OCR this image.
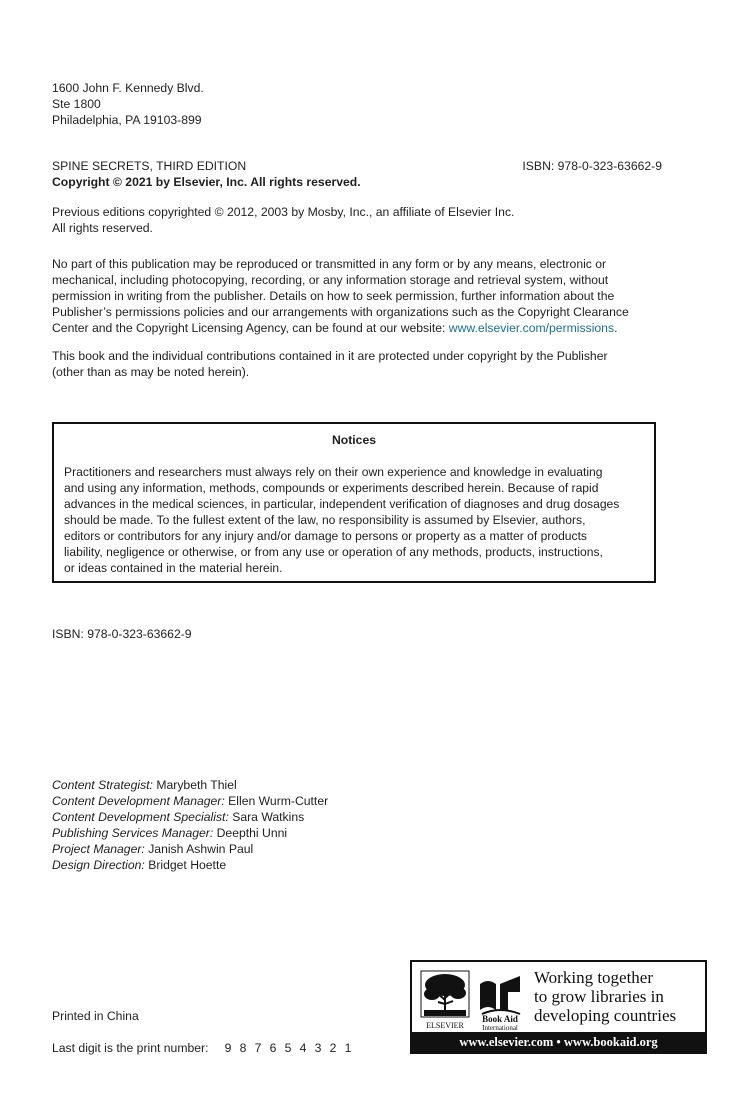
1600 John F. Kennedy Blvd.
Ste 1800
Philadelphia, PA 19103-899
SPINE SECRETS, THIRD EDITION	ISBN: 978-0-323-63662-9
Copyright © 2021 by Elsevier, Inc. All rights reserved.
Previous editions copyrighted © 2012, 2003 by Mosby, Inc., an affiliate of Elsevier Inc.
All rights reserved.
No part of this publication may be reproduced or transmitted in any form or by any means, electronic or
mechanical, including photocopying, recording, or any information storage and retrieval system, without
permission in writing from the publisher. Details on how to seek permission, further information about the
Publisher’s permissions policies and our arrangements with organizations such as the Copyright Clearance
Center and the Copyright Licensing Agency, can be found at our website: www.elsevier.com/permissions.
This book and the individual contributions contained in it are protected under copyright by the Publisher
(other than as may be noted herein).
Notices
Practitioners and researchers must always rely on their own experience and knowledge in evaluating
and using any information, methods, compounds or experiments described herein. Because of rapid
advances in the medical sciences, in particular, independent verification of diagnoses and drug dosages
should be made. To the fullest extent of the law, no responsibility is assumed by Elsevier, authors,
editors or contributors for any injury and/or damage to persons or property as a matter of products
liability, negligence or otherwise, or from any use or operation of any methods, products, instructions,
or ideas contained in the material herein.
ISBN: 978-0-323-63662-9
Content Strategist: Marybeth Thiel
Content Development Manager: Ellen Wurm-Cutter
Content Development Specialist: Sara Watkins
Publishing Services Manager: Deepthi Unni
Project Manager: Janish Ashwin Paul
Design Direction: Bridget Hoette
Printed in China
Last digit is the print number: 9 8 7 6 5 4 3 2 1
ELSEVIER
Book Aid
International
Working together
to grow libraries in
developing countries
www.elsevier.com • www.bookaid.org
